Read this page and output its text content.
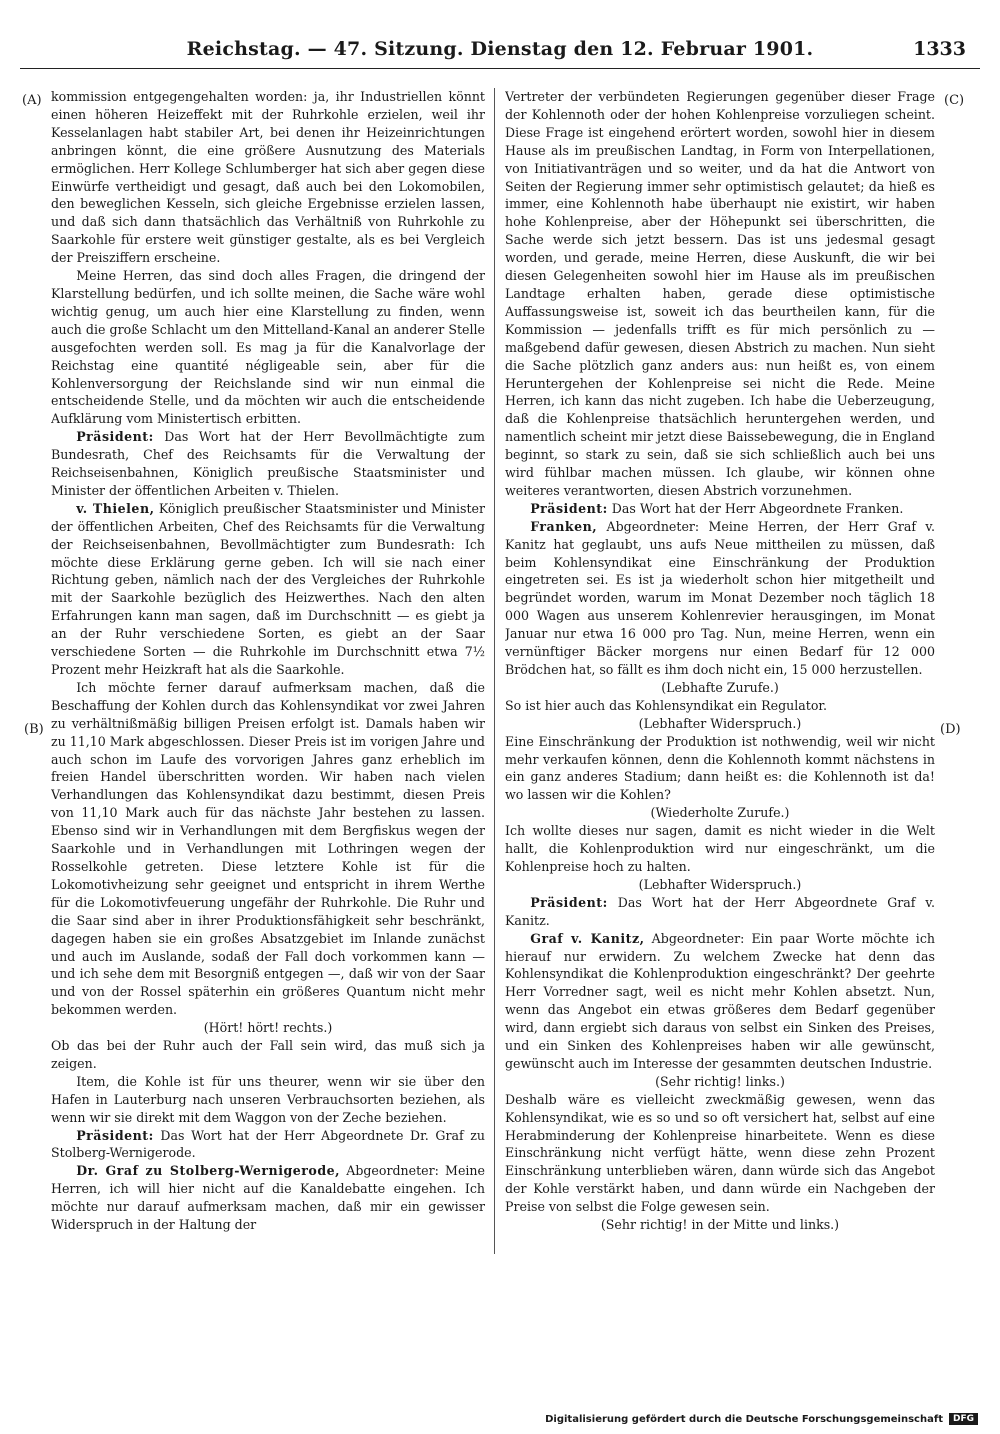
Reichstag. — 47. Sitzung. Dienstag den 12. Februar 1901.	1333
(A)
(B)
(C)
(D)

kommission entgegengehalten worden: ja, ihr Industriellen könnt einen höheren Heizeffekt mit der Ruhrkohle erzielen, weil ihr Kesselanlagen habt stabiler Art, bei denen ihr Heizeinrichtungen anbringen könnt, die eine größere Ausnutzung des Materials ermöglichen. Herr Kollege Schlumberger hat sich aber gegen diese Einwürfe vertheidigt und gesagt, daß auch bei den Lokomobilen, den beweglichen Kesseln, sich gleiche Ergebnisse erzielen lassen, und daß sich dann thatsächlich das Verhältniß von Ruhrkohle zu Saarkohle für erstere weit günstiger gestalte, als es bei Vergleich der Preisziffern erscheine.

Meine Herren, das sind doch alles Fragen, die dringend der Klarstellung bedürfen, und ich sollte meinen, die Sache wäre wohl wichtig genug, um auch hier eine Klarstellung zu finden, wenn auch die große Schlacht um den Mittelland-Kanal an anderer Stelle ausgefochten werden soll. Es mag ja für die Kanalvorlage der Reichstag eine quantité négligeable sein, aber für die Kohlenversorgung der Reichslande sind wir nun einmal die entscheidende Stelle, und da möchten wir auch die entscheidende Aufklärung vom Ministertisch erbitten.

Präsident: Das Wort hat der Herr Bevollmächtigte zum Bundesrath, Chef des Reichsamts für die Verwaltung der Reichseisenbahnen, Königlich preußische Staatsminister und Minister der öffentlichen Arbeiten v. Thielen.

v. Thielen, Königlich preußischer Staatsminister und Minister der öffentlichen Arbeiten, Chef des Reichsamts für die Verwaltung der Reichseisenbahnen, Bevollmächtigter zum Bundesrath: Ich möchte diese Erklärung gerne geben. Ich will sie nach einer Richtung geben, nämlich nach der des Vergleiches der Ruhrkohle mit der Saarkohle bezüglich des Heizwerthes. Nach den alten Erfahrungen kann man sagen, daß im Durchschnitt — es giebt ja an der Ruhr verschiedene Sorten, es giebt an der Saar verschiedene Sorten — die Ruhrkohle im Durchschnitt etwa 7½ Prozent mehr Heizkraft hat als die Saarkohle.

Ich möchte ferner darauf aufmerksam machen, daß die Beschaffung der Kohlen durch das Kohlensyndikat vor zwei Jahren zu verhältnißmäßig billigen Preisen erfolgt ist. Damals haben wir zu 11,10 Mark abgeschlossen. Dieser Preis ist im vorigen Jahre und auch schon im Laufe des vorvorigen Jahres ganz erheblich im freien Handel überschritten worden. Wir haben nach vielen Verhandlungen das Kohlensyndikat dazu bestimmt, diesen Preis von 11,10 Mark auch für das nächste Jahr bestehen zu lassen. Ebenso sind wir in Verhandlungen mit dem Bergfiskus wegen der Saarkohle und in Verhandlungen mit Lothringen wegen der Rosselkohle getreten. Diese letztere Kohle ist für die Lokomotivheizung sehr geeignet und entspricht in ihrem Werthe für die Lokomotivfeuerung ungefähr der Ruhrkohle. Die Ruhr und die Saar sind aber in ihrer Produktionsfähigkeit sehr beschränkt, dagegen haben sie ein großes Absatzgebiet im Inlande zunächst und auch im Auslande, sodaß der Fall doch vorkommen kann — und ich sehe dem mit Besorgniß entgegen —, daß wir von der Saar und von der Rossel späterhin ein größeres Quantum nicht mehr bekommen werden.

(Hört! hört! rechts.)

Ob das bei der Ruhr auch der Fall sein wird, das muß sich ja zeigen.

Item, die Kohle ist für uns theurer, wenn wir sie über den Hafen in Lauterburg nach unseren Verbrauchsorten beziehen, als wenn wir sie direkt mit dem Waggon von der Zeche beziehen.

Präsident: Das Wort hat der Herr Abgeordnete Dr. Graf zu Stolberg-Wernigerode.

Dr. Graf zu Stolberg-Wernigerode, Abgeordneter: Meine Herren, ich will hier nicht auf die Kanaldebatte eingehen. Ich möchte nur darauf aufmerksam machen, daß mir ein gewisser Widerspruch in der Haltung der

Vertreter der verbündeten Regierungen gegenüber dieser Frage der Kohlennoth oder der hohen Kohlenpreise vorzuliegen scheint. Diese Frage ist eingehend erörtert worden, sowohl hier in diesem Hause als im preußischen Landtag, in Form von Interpellationen, von Initiativanträgen und so weiter, und da hat die Antwort von Seiten der Regierung immer sehr optimistisch gelautet; da hieß es immer, eine Kohlennoth habe überhaupt nie existirt, wir haben hohe Kohlenpreise, aber der Höhepunkt sei überschritten, die Sache werde sich jetzt bessern. Das ist uns jedesmal gesagt worden, und gerade, meine Herren, diese Auskunft, die wir bei diesen Gelegenheiten sowohl hier im Hause als im preußischen Landtage erhalten haben, gerade diese optimistische Auffassungsweise ist, soweit ich das beurtheilen kann, für die Kommission — jedenfalls trifft es für mich persönlich zu — maßgebend dafür gewesen, diesen Abstrich zu machen. Nun sieht die Sache plötzlich ganz anders aus: nun heißt es, von einem Heruntergehen der Kohlenpreise sei nicht die Rede. Meine Herren, ich kann das nicht zugeben. Ich habe die Ueberzeugung, daß die Kohlenpreise thatsächlich heruntergehen werden, und namentlich scheint mir jetzt diese Baissebewegung, die in England beginnt, so stark zu sein, daß sie sich schließlich auch bei uns wird fühlbar machen müssen. Ich glaube, wir können ohne weiteres verantworten, diesen Abstrich vorzunehmen.

Präsident: Das Wort hat der Herr Abgeordnete Franken.

Franken, Abgeordneter: Meine Herren, der Herr Graf v. Kanitz hat geglaubt, uns aufs Neue mittheilen zu müssen, daß beim Kohlensyndikat eine Einschränkung der Produktion eingetreten sei. Es ist ja wiederholt schon hier mitgetheilt und begründet worden, warum im Monat Dezember noch täglich 18 000 Wagen aus unserem Kohlenrevier herausgingen, im Monat Januar nur etwa 16 000 pro Tag. Nun, meine Herren, wenn ein vernünftiger Bäcker morgens nur einen Bedarf für 12 000 Brödchen hat, so fällt es ihm doch nicht ein, 15 000 herzustellen.

(Lebhafte Zurufe.)

So ist hier auch das Kohlensyndikat ein Regulator.

(Lebhafter Widerspruch.)

Eine Einschränkung der Produktion ist nothwendig, weil wir nicht mehr verkaufen können, denn die Kohlennoth kommt nächstens in ein ganz anderes Stadium; dann heißt es: die Kohlennoth ist da! wo lassen wir die Kohlen?

(Wiederholte Zurufe.)

Ich wollte dieses nur sagen, damit es nicht wieder in die Welt hallt, die Kohlenproduktion wird nur eingeschränkt, um die Kohlenpreise hoch zu halten.

(Lebhafter Widerspruch.)

Präsident: Das Wort hat der Herr Abgeordnete Graf v. Kanitz.

Graf v. Kanitz, Abgeordneter: Ein paar Worte möchte ich hierauf nur erwidern. Zu welchem Zwecke hat denn das Kohlensyndikat die Kohlenproduktion eingeschränkt? Der geehrte Herr Vorredner sagt, weil es nicht mehr Kohlen absetzt. Nun, wenn das Angebot ein etwas größeres dem Bedarf gegenüber wird, dann ergiebt sich daraus von selbst ein Sinken des Preises, und ein Sinken des Kohlenpreises haben wir alle gewünscht, gewünscht auch im Interesse der gesammten deutschen Industrie.

(Sehr richtig! links.)

Deshalb wäre es vielleicht zweckmäßig gewesen, wenn das Kohlensyndikat, wie es so und so oft versichert hat, selbst auf eine Herabminderung der Kohlenpreise hinarbeitete. Wenn es diese Einschränkung nicht verfügt hätte, wenn diese zehn Prozent Einschränkung unterblieben wären, dann würde sich das Angebot der Kohle verstärkt haben, und dann würde ein Nachgeben der Preise von selbst die Folge gewesen sein.

(Sehr richtig! in der Mitte und links.)

Digitalisierung gefördert durch die Deutsche Forschungsgemeinschaft	DFG
